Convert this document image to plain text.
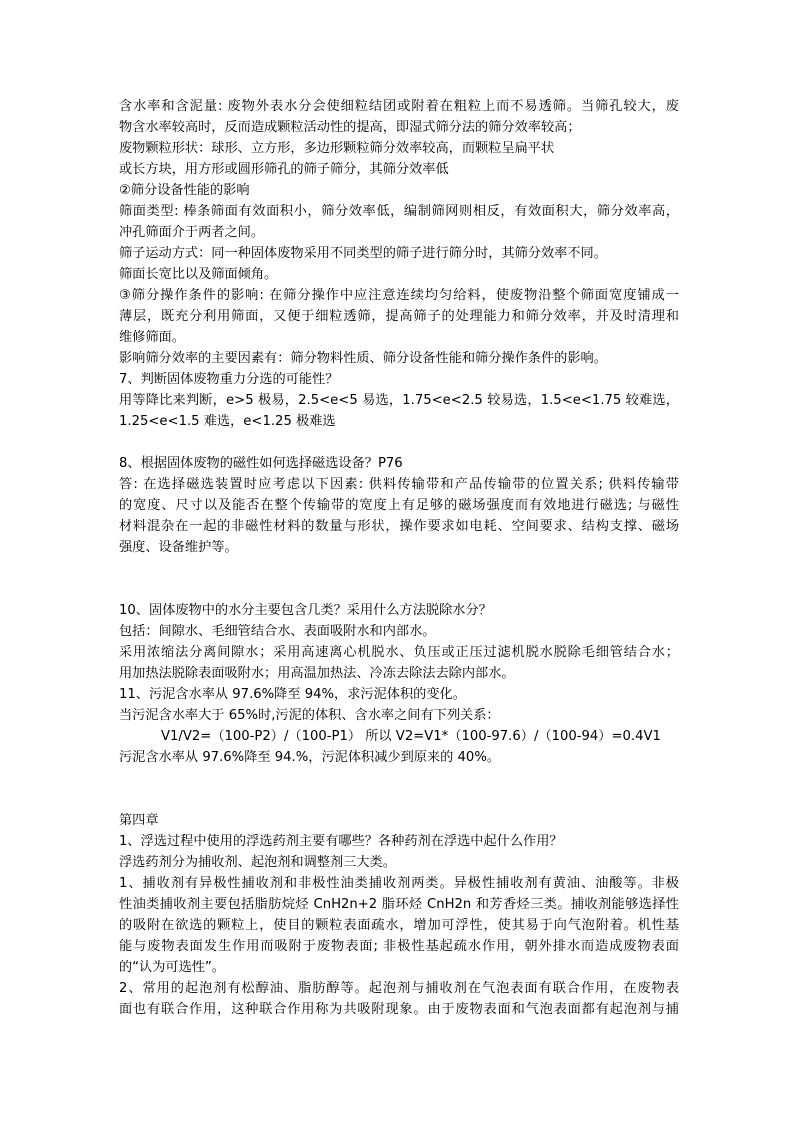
含水率和含泥量: 废物外表水分会使细粒结团或附着在粗粒上而不易透筛。当筛孔较大，废
物含水率较高时，反而造成颗粒活动性的提高，即湿式筛分法的筛分效率较高；
废物颗粒形状：球形、立方形，多边形颗粒筛分效率较高，而颗粒呈扁平状
或长方块，用方形或圆形筛孔的筛子筛分，其筛分效率低
②筛分设备性能的影响
筛面类型: 棒条筛面有效面积小，筛分效率低，编制筛网则相反，有效面积大，筛分效率高，
冲孔筛面介于两者之间。
筛子运动方式：同一种固体废物采用不同类型的筛子进行筛分时，其筛分效率不同。
筛面长宽比以及筛面倾角。
③筛分操作条件的影响: 在筛分操作中应注意连续均匀给料，使废物沿整个筛面宽度铺成一
薄层，既充分利用筛面，又便于细粒透筛，提高筛子的处理能力和筛分效率，并及时清理和
维修筛面。
影响筛分效率的主要因素有：筛分物料性质、筛分设备性能和筛分操作条件的影响。
7、判断固体废物重力分选的可能性？
用等降比来判断，e>5 极易，2.5<e<5 易选，1.75<e<2.5 较易选，1.5<e<1.75 较难选，
1.25<e<1.5 难选，e<1.25 极难选
8、根据固体废物的磁性如何选择磁选设备？P76
答: 在选择磁选装置时应考虑以下因素: 供料传输带和产品传输带的位置关系; 供料传输带
的宽度、尺寸以及能否在整个传输带的宽度上有足够的磁场强度而有效地进行磁选; 与磁性
材料混杂在一起的非磁性材料的数量与形状，操作要求如电耗、空间要求、结构支撑、磁场
强度、设备维护等。
10、固体废物中的水分主要包含几类？采用什么方法脱除水分？
包括：间隙水、毛细管结合水、表面吸附水和内部水。
采用浓缩法分离间隙水；采用高速离心机脱水、负压或正压过滤机脱水脱除毛细管结合水；
用加热法脱除表面吸附水；用高温加热法、冷冻去除法去除内部水。
11、污泥含水率从 97.6%降至 94%，求污泥体积的变化。
当污泥含水率大于 65%时,污泥的体积、含水率之间有下列关系：
V1/V2=（100-P2）/（100-P1） 所以 V2=V1*（100-97.6）/（100-94）=0.4V1
污泥含水率从 97.6%降至 94.%，污泥体积减少到原来的 40%。
第四章
1、浮选过程中使用的浮选药剂主要有哪些？各种药剂在浮选中起什么作用？
浮选药剂分为捕收剂、起泡剂和调整剂三大类。
1、捕收剂有异极性捕收剂和非极性油类捕收剂两类。异极性捕收剂有黄油、油酸等。非极
性油类捕收剂主要包括脂肪烷烃 CnH2n+2 脂环烃 CnH2n 和芳香烃三类。捕收剂能够选择性
的吸附在欲选的颗粒上，使目的颗粒表面疏水，增加可浮性，使其易于向气泡附着。机性基
能与废物表面发生作用而吸附于废物表面; 非极性基起疏水作用，朝外排水而造成废物表面
的“认为可选性”。
2、常用的起泡剂有松醇油、脂肪醇等。起泡剂与捕收剂在气泡表面有联合作用，在废物表
面也有联合作用，这种联合作用称为共吸附现象。由于废物表面和气泡表面都有起泡剂与捕
